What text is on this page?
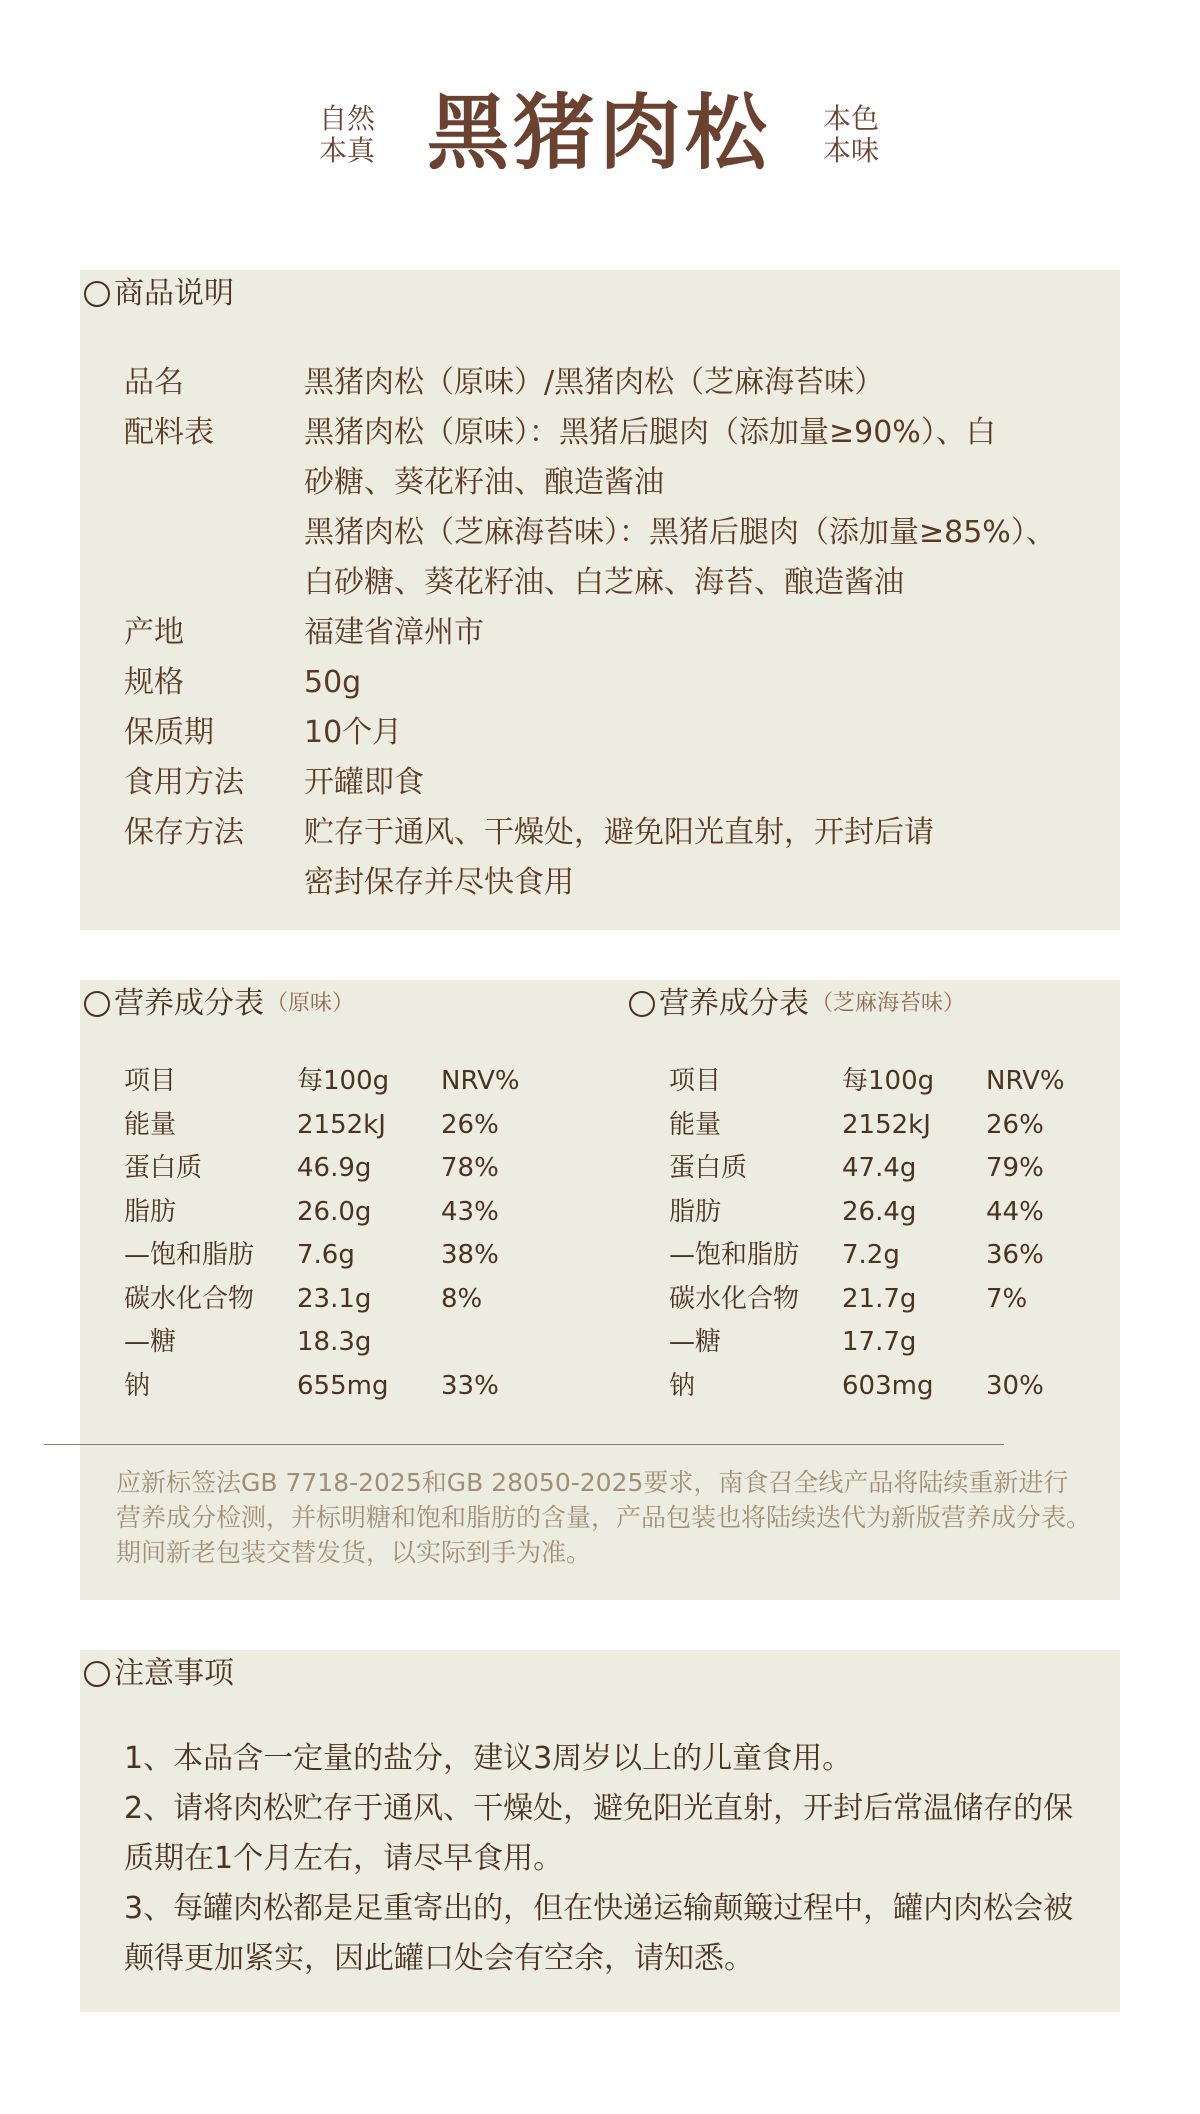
自然
本真 黑猪肉松 本色
本味
商品说明
品名	黑猪肉松（原味）/黑猪肉松（芝麻海苔味）
配料表	黑猪肉松（原味）：黑猪后腿肉（添加量≥90%）、白
砂糖、葵花籽油、酿造酱油
黑猪肉松（芝麻海苔味）：黑猪后腿肉（添加量≥85%）、
白砂糖、葵花籽油、白芝麻、海苔、酿造酱油
产地	福建省漳州市
规格	50g
保质期	10个月
食用方法	开罐即食
保存方法	贮存于通风、干燥处，避免阳光直射，开封后请
密封保存并尽快食用
营养成分表 （原味）	营养成分表 （芝麻海苔味）
项目	每100g	NRV%
能量	2152kJ	26%
蛋白质	46.9g	78%
脂肪	26.0g	43%
—饱和脂肪	7.6g	38%
碳水化合物	23.1g	8%
—糖	18.3g
钠	655mg	33%
项目	每100g	NRV%
能量	2152kJ	26%
蛋白质	47.4g	79%
脂肪	26.4g	44%
—饱和脂肪	7.2g	36%
碳水化合物	21.7g	7%
—糖	17.7g
钠	603mg	30%
应新标签法GB 7718-2025和GB 28050-2025要求，南食召全线产品将陆续重新进行营养成分检测，并标明糖和饱和脂肪的含量，产品包装也将陆续迭代为新版营养成分表。期间新老包装交替发货，以实际到手为准。
注意事项
1、本品含一定量的盐分，建议3周岁以上的儿童食用。
2、请将肉松贮存于通风、干燥处，避免阳光直射，开封后常温储存的保质期在1个月左右，请尽早食用。
3、每罐肉松都是足重寄出的，但在快递运输颠簸过程中，罐内肉松会被颠得更加紧实，因此罐口处会有空余，请知悉。
